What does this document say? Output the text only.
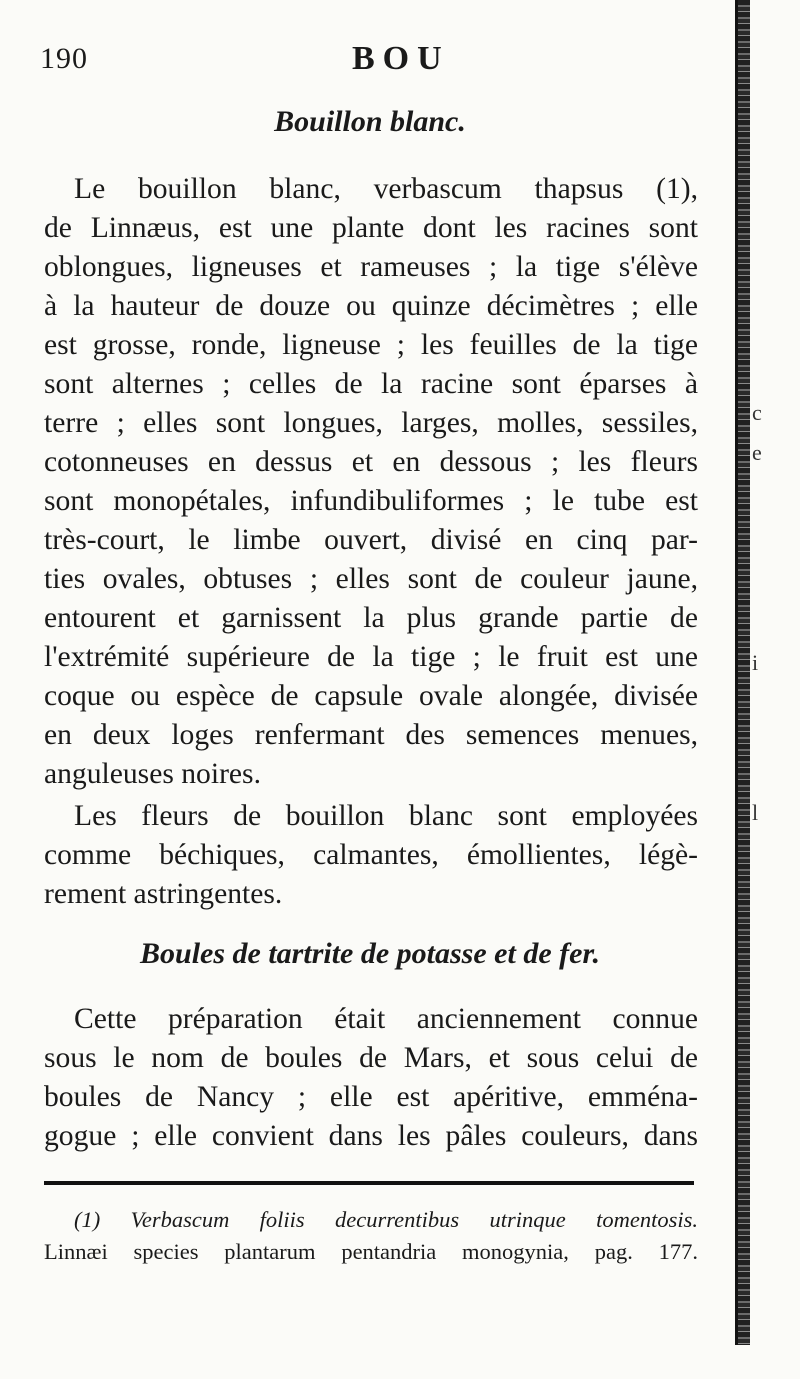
c
e
i
l
190	BOU
Bouillon blanc.
Le bouillon blanc, verbascum thapsus (1),
de Linnæus, est une plante dont les racines sont
oblongues, ligneuses et rameuses ; la tige s'élève
à la hauteur de douze ou quinze décimètres ; elle
est grosse, ronde, ligneuse ; les feuilles de la tige
sont alternes ; celles de la racine sont éparses à
terre ; elles sont longues, larges, molles, sessiles,
cotonneuses en dessus et en dessous ; les fleurs
sont monopétales, infundibuliformes ; le tube est
très-court, le limbe ouvert, divisé en cinq par-
ties ovales, obtuses ; elles sont de couleur jaune,
entourent et garnissent la plus grande partie de
l'extrémité supérieure de la tige ; le fruit est une
coque ou espèce de capsule ovale alongée, divisée
en deux loges renfermant des semences menues,
anguleuses noires.
Les fleurs de bouillon blanc sont employées
comme béchiques, calmantes, émollientes, légè-
rement astringentes.
Boules de tartrite de potasse et de fer.
Cette préparation était anciennement connue
sous le nom de boules de Mars, et sous celui de
boules de Nancy ; elle est apéritive, emména-
gogue ; elle convient dans les pâles couleurs, dans
(1) Verbascum foliis decurrentibus utrinque tomentosis.
Linnæi species plantarum pentandria monogynia, pag. 177.
